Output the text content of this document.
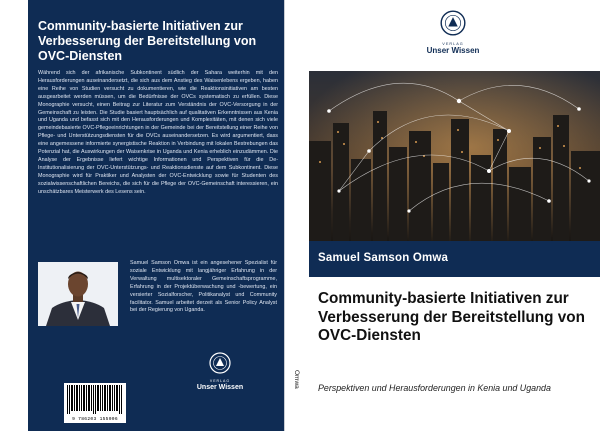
Community-basierte Initiativen zur Verbesserung der Bereitstellung von OVC-Diensten

Während sich der afrikanische Subkontinent südlich der Sahara weiterhin mit den Herausforderungen auseinandersetzt, die sich aus dem Anstieg des Waisenlebens ergeben, haben eine Reihe von Studien versucht zu dokumentieren, wie die Reaktionsinitiativen am besten ausgearbeitet werden müssen, um die Bedürfnisse der OVCs systematisch zu erfüllen. Diese Monographie versucht, einen Beitrag zur Literatur zum Verständnis der OVC-Versorgung in der Gemeinschaft zu leisten. Die Studie basiert hauptsächlich auf qualitativen Erkenntnissen aus Kenia und Uganda und befasst sich mit den Herausforderungen und Komplexitäten, mit denen sich viele gemeindebasierte OVC-Pflegeeinrichtungen in der Gemeinde bei der Bereitstellung einer Reihe von Pflege- und Unterstützungsdiensten für die OVCs auseinandersetzen. Es wird argumentiert, dass eine angemessene informierte synergistische Reaktion in Verbindung mit lokalen Bestrebungen das Potenzial hat, die Auswirkungen der Waisenkrise in Uganda und Kenia erheblich einzudämmen. Die Analyse der Ergebnisse liefert wichtige Informationen und Perspektiven für die De-Institutionalisierung der OVC-Unterstützungs- und Reaktionsdienste auf dem Subkontinent. Diese Monographie wird für Praktiker und Analysten der OVC-Entwicklung sowie für Studenten des sozialwissenschaftlichen Bereichs, die sich für die Pflege der OVC-Gemeinschaft interessieren, ein unschätzbares Meisterwerk des Lesens sein.

Samuel Samson Omwa ist ein angesehener Spezialist für soziale Entwicklung mit langjähriger Erfahrung in der Verwaltung multisektoraler Gemeinschaftsprogramme, Erfahrung in der Projektüberwachung und -bewertung, ein versierter Sozialforscher, Politikanalyst und Community facilitator. Samuel arbeitet derzeit als Senior Policy Analyst bei der Regierung von Uganda.

VERLAG
Unser Wissen
9 786203 155006
Omwa
VERLAG
Unser Wissen

Samuel Samson Omwa

Community-basierte Initiativen zur Verbesserung der Bereitstellung von OVC-Diensten

Perspektiven und Herausforderungen in Kenia und Uganda
